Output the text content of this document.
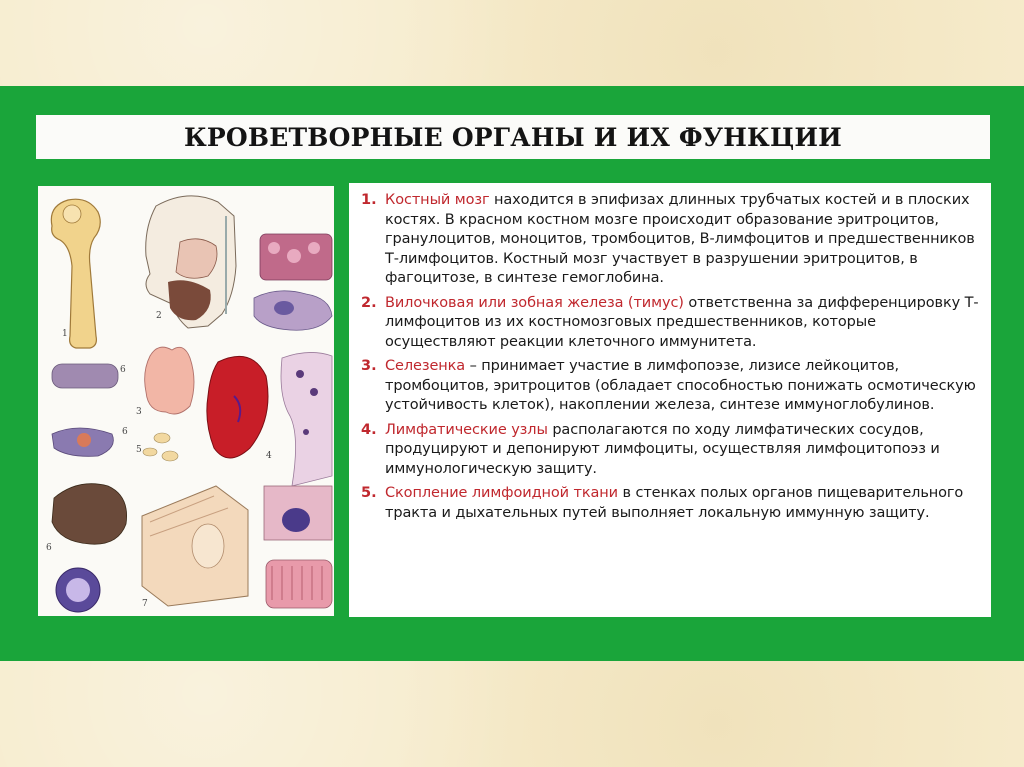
КРОВЕТВОРНЫЕ ОРГАНЫ И ИХ ФУНКЦИИ
1
2
3
4
5
6
6
6
7
1. Костный мозг находится в эпифизах длинных трубчатых костей и в плоских костях. В красном костном мозге происходит образование эритроцитов, гранулоцитов, моноцитов, тромбоцитов, В-лимфоцитов и предшественников Т-лимфоцитов. Костный мозг участвует в разрушении эритроцитов, в фагоцитозе, в синтезе гемоглобина.
2. Вилочковая или зобная железа (тимус) ответственна за дифференцировку Т-лимфоцитов из их костномозговых предшественников, которые осуществляют реакции клеточного иммунитета.
3. Селезенка – принимает участие в лимфопоэзе, лизисе лейкоцитов, тромбоцитов, эритроцитов (обладает способностью понижать осмотическую устойчивость клеток), накоплении железа, синтезе иммуноглобулинов.
4. Лимфатические узлы располагаются по ходу лимфатических сосудов, продуцируют и депонируют лимфоциты, осуществляя лимфоцитопоэз и иммунологическую защиту.
5. Скопление лимфоидной ткани в стенках полых органов пищеварительного тракта и дыхательных путей выполняет локальную иммунную защиту.
